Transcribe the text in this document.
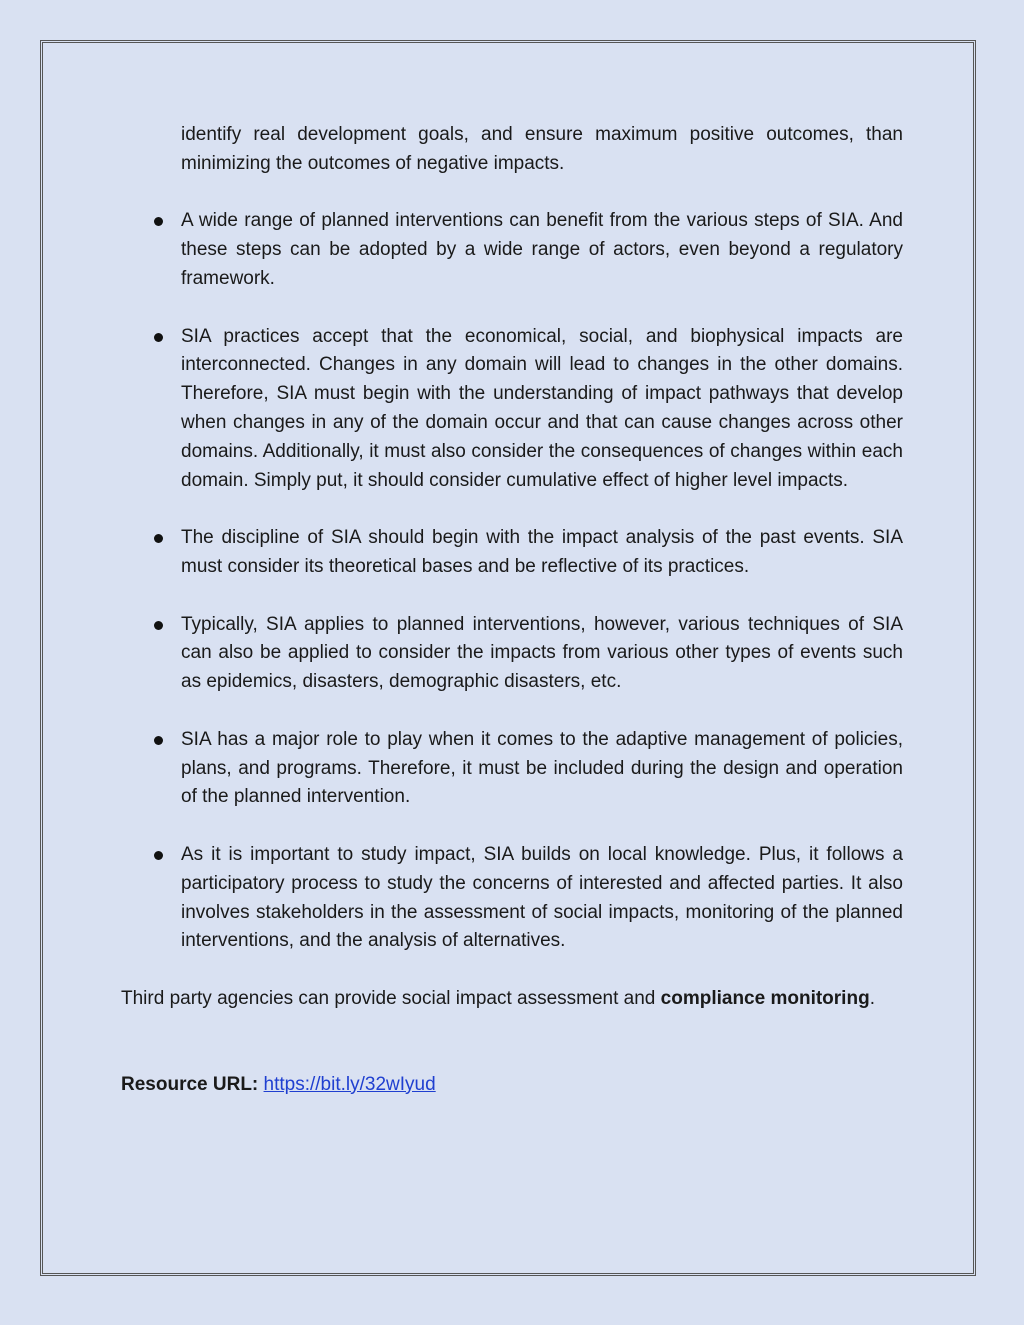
identify real development goals, and ensure maximum positive outcomes, than minimizing the outcomes of negative impacts.

A wide range of planned interventions can benefit from the various steps of SIA. And these steps can be adopted by a wide range of actors, even beyond a regulatory framework.
SIA practices accept that the economical, social, and biophysical impacts are interconnected. Changes in any domain will lead to changes in the other domains. Therefore, SIA must begin with the understanding of impact pathways that develop when changes in any of the domain occur and that can cause changes across other domains. Additionally, it must also consider the consequences of changes within each domain. Simply put, it should consider cumulative effect of higher level impacts.
The discipline of SIA should begin with the impact analysis of the past events. SIA must consider its theoretical bases and be reflective of its practices.
Typically, SIA applies to planned interventions, however, various techniques of SIA can also be applied to consider the impacts from various other types of events such as epidemics, disasters, demographic disasters, etc.
SIA has a major role to play when it comes to the adaptive management of policies, plans, and programs. Therefore, it must be included during the design and operation of the planned intervention.
As it is important to study impact, SIA builds on local knowledge. Plus, it follows a participatory process to study the concerns of interested and affected parties. It also involves stakeholders in the assessment of social impacts, monitoring of the planned interventions, and the analysis of alternatives.

Third party agencies can provide social impact assessment and compliance monitoring.

Resource URL: https://bit.ly/32wIyud
